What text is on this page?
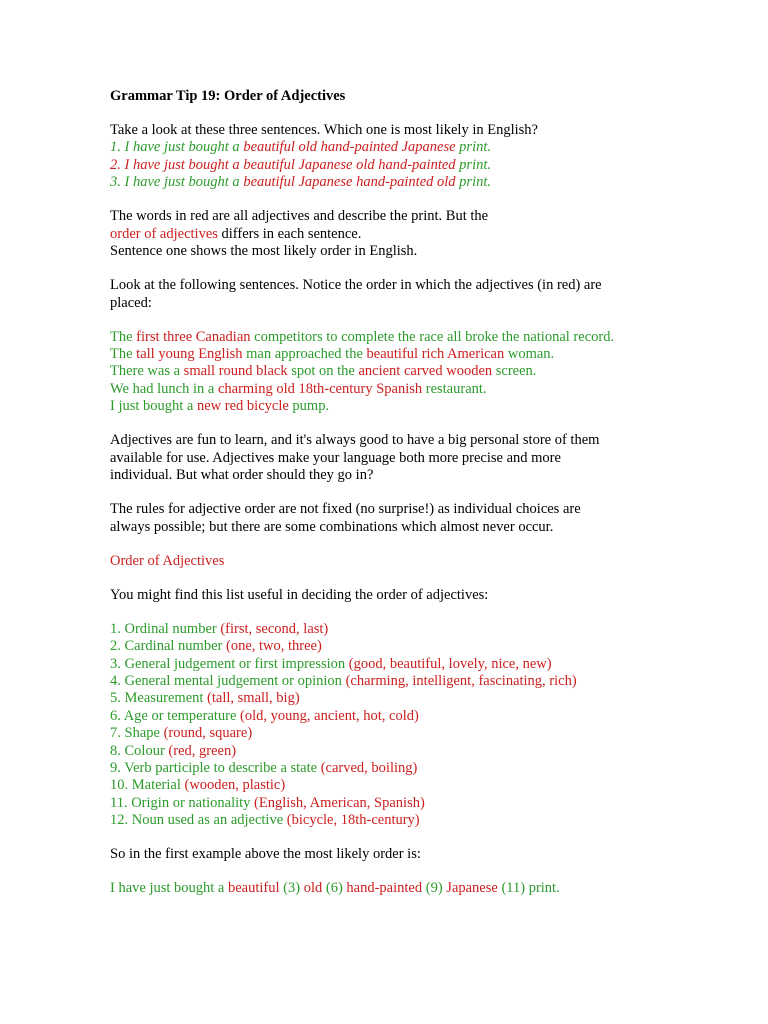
Grammar Tip 19: Order of Adjectives
Take a look at these three sentences. Which one is most likely in English?
1. I have just bought a beautiful old hand-painted Japanese print.
2. I have just bought a beautiful Japanese old hand-painted print.
3. I have just bought a beautiful Japanese hand-painted old print.
The words in red are all adjectives and describe the print. But the
order of adjectives differs in each sentence.
Sentence one shows the most likely order in English.
Look at the following sentences. Notice the order in which the adjectives (in red) are
placed:
The first three Canadian competitors to complete the race all broke the national record.
The tall young English man approached the beautiful rich American woman.
There was a small round black spot on the ancient carved wooden screen.
We had lunch in a charming old 18th-century Spanish restaurant.
I just bought a new red bicycle pump.
Adjectives are fun to learn, and it's always good to have a big personal store of them
available for use. Adjectives make your language both more precise and more
individual. But what order should they go in?
The rules for adjective order are not fixed (no surprise!) as individual choices are
always possible; but there are some combinations which almost never occur.
Order of Adjectives
You might find this list useful in deciding the order of adjectives:
1. Ordinal number (first, second, last)
2. Cardinal number (one, two, three)
3. General judgement or first impression (good, beautiful, lovely, nice, new)
4. General mental judgement or opinion (charming, intelligent, fascinating, rich)
5. Measurement (tall, small, big)
6. Age or temperature (old, young, ancient, hot, cold)
7. Shape (round, square)
8. Colour (red, green)
9. Verb participle to describe a state (carved, boiling)
10. Material (wooden, plastic)
11. Origin or nationality (English, American, Spanish)
12. Noun used as an adjective (bicycle, 18th-century)
So in the first example above the most likely order is:
I have just bought a beautiful (3) old (6) hand-painted (9) Japanese (11) print.
